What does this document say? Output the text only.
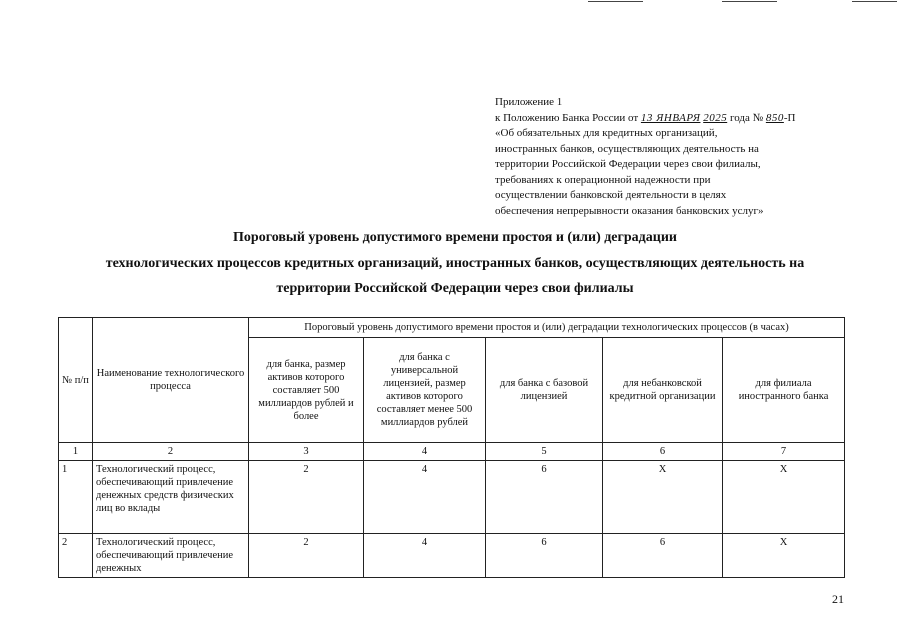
Приложение 1
к Положению Банка России от 13 ЯНВАРЯ 2025 года № 850-П
«Об обязательных для кредитных организаций,
иностранных банков, осуществляющих деятельность на
территории Российской Федерации через свои филиалы,
требованиях к операционной надежности при
осуществлении банковской деятельности в целях
обеспечения непрерывности оказания банковских услуг»
Пороговый уровень допустимого времени простоя и (или) деградации
технологических процессов кредитных организаций, иностранных банков, осуществляющих деятельность на
территории Российской Федерации через свои филиалы
№ п/п	Наименование технологического процесса	Пороговый уровень допустимого времени простоя и (или) деградации технологических процессов (в часах)				
		для банка, размер активов которого составляет 500 миллиардов рублей и более	для банка с универсальной лицензией, размер активов которого составляет менее 500 миллиардов рублей	для банка с базовой лицензией	для небанковской кредитной организации	для филиала иностранного банка
1	2	3	4	5	6	7
1	Технологический процесс, обеспечивающий привлечение денежных средств физических лиц во вклады	2	4	6	Х	Х
2	Технологический процесс, обеспечивающий привлечение денежных	2	4	6	6	Х
21
